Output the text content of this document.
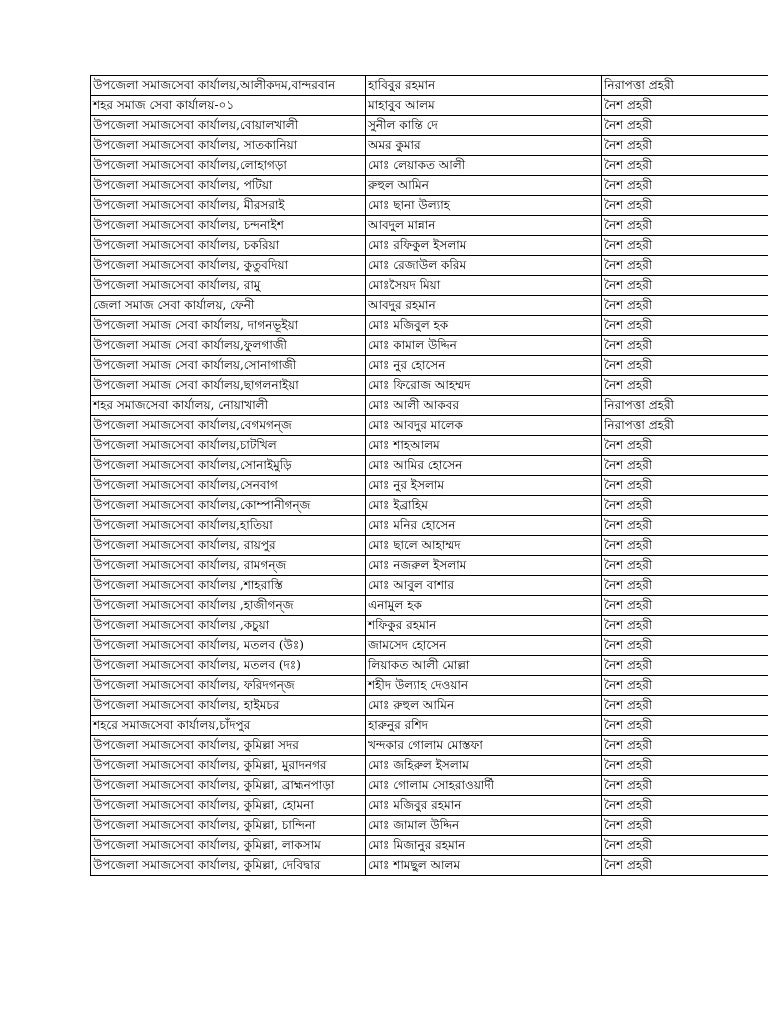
উপজেলা সমাজসেবা কার্যালয়,আলীকদম,বান্দরবান	হাবিবুর রহমান	নিরাপত্তা প্রহরী
শহর সমাজ সেবা কার্যালয়-০১	মাহাবুব আলম	নৈশ প্রহরী
উপজেলা সমাজসেবা কার্যালয়,বোয়ালখালী	সুনীল কান্তি দে	নৈশ প্রহরী
উপজেলা সমাজসেবা কার্যালয়, সাতকানিয়া	অমর কুমার	নৈশ প্রহরী
উপজেলা সমাজসেবা কার্যালয়,লোহাগড়া	মোঃ লেয়াকত আলী	নৈশ প্রহরী
উপজেলা সমাজসেবা কার্যালয়, পটিয়া	রুহুল আমিন	নৈশ প্রহরী
উপজেলা সমাজসেবা কার্যালয়, মীরসরাই	মোঃ ছানা উল্যাহ	নৈশ প্রহরী
উপজেলা সমাজসেবা কার্যালয়, চন্দনাইশ	আবদুল মান্নান	নৈশ প্রহরী
উপজেলা সমাজসেবা কার্যালয়, চকরিয়া	মোঃ রফিকুল ইসলাম	নৈশ প্রহরী
উপজেলা সমাজসেবা কার্যালয়, কুতুবদিয়া	মোঃ রেজাউল করিম	নৈশ প্রহরী
উপজেলা সমাজসেবা কার্যালয়, রামু	মোঃসৈয়দ মিয়া	নৈশ প্রহরী
জেলা সমাজ সেবা কার্যালয়, ফেনী	আবদুর রহমান	নৈশ প্রহরী
উপজেলা সমাজ সেবা কার্যালয়, দাগনভূইয়া	মোঃ মজিবুল হক	নৈশ প্রহরী
উপজেলা সমাজ সেবা কার্যালয়,ফুলগাজী	মোঃ কামাল উদ্দিন	নৈশ প্রহরী
উপজেলা সমাজ সেবা কার্যালয়,সোনাগাজী	মোঃ নুর হোসেন	নৈশ প্রহরী
উপজেলা সমাজ সেবা কার্যালয়,ছাগলনাইয়া	মোঃ ফিরোজ আহম্মদ	নৈশ প্রহরী
শহর সমাজসেবা কার্যালয়, নোয়াখালী	মোঃ আলী আকবর	নিরাপত্তা প্রহরী
উপজেলা সমাজসেবা কার্যালয়,বেগমগন্জ	মোঃ আবদুর মালেক	নিরাপত্তা প্রহরী
উপজেলা সমাজসেবা কার্যালয়,চাটখিল	মোঃ শাহআলম	নৈশ প্রহরী
উপজেলা সমাজসেবা কার্যালয়,সোনাইমুড়ি	মোঃ আমির হোসেন	নৈশ প্রহরী
উপজেলা সমাজসেবা কার্যালয়,সেনবাগ	মোঃ নুর ইসলাম	নৈশ প্রহরী
উপজেলা সমাজসেবা কার্যালয়,কোম্পানীগন্জ	মোঃ ইব্রাহিম	নৈশ প্রহরী
উপজেলা সমাজসেবা কার্যালয়,হাতিয়া	মোঃ মনির হোসেন	নৈশ প্রহরী
উপজেলা সমাজসেবা কার্যালয়, রায়পুর	মোঃ ছালে আহাম্মদ	নৈশ প্রহরী
উপজেলা সমাজসেবা কার্যালয়, রামগন্জ	মোঃ নজরুল ইসলাম	নৈশ প্রহরী
উপজেলা সমাজসেবা কার্যালয় ,শাহরাস্তি	মোঃ আবুল বাশার	নৈশ প্রহরী
উপজেলা সমাজসেবা কার্যালয় ,হাজীগন্জ	এনামুল হক	নৈশ প্রহরী
উপজেলা সমাজসেবা কার্যালয় ,কচুয়া	শফিকুর রহমান	নৈশ প্রহরী
উপজেলা সমাজসেবা কার্যালয়, মতলব (উঃ)	জামসেদ হোসেন	নৈশ প্রহরী
উপজেলা সমাজসেবা কার্যালয়, মতলব (দঃ)	লিয়াকত আলী মোল্লা	নৈশ প্রহরী
উপজেলা সমাজসেবা কার্যালয়, ফরিদগন্জ	শহীদ উল্যাহ দেওয়ান	নৈশ প্রহরী
উপজেলা সমাজসেবা কার্যালয়, হাইমচর	মোঃ রুহুল আমিন	নৈশ প্রহরী
শহরে সমাজসেবা কার্যালয়,চাঁদপুর	হারুনুর রশিদ	নৈশ প্রহরী
উপজেলা সমাজসেবা কার্যালয়, কুমিল্লা সদর	খন্দকার গোলাম মোস্তফা	নৈশ প্রহরী
উপজেলা সমাজসেবা কার্যালয়, কুমিল্লা, মুরাদনগর	মোঃ জহিরুল ইসলাম	নৈশ প্রহরী
উপজেলা সমাজসেবা কার্যালয়, কুমিল্লা, ব্রাহ্মনপাড়া	মোঃ গোলাম সোহরাওয়ার্দী	নৈশ প্রহরী
উপজেলা সমাজসেবা কার্যালয়, কুমিল্লা, হোমনা	মোঃ মজিবুর রহমান	নৈশ প্রহরী
উপজেলা সমাজসেবা কার্যালয়, কুমিল্লা, চান্দিনা	মোঃ জামাল উদ্দিন	নৈশ প্রহরী
উপজেলা সমাজসেবা কার্যালয়, কুমিল্লা, লাকসাম	মোঃ মিজানুর রহমান	নৈশ প্রহরী
উপজেলা সমাজসেবা কার্যালয়, কুমিল্লা, দেবিদ্বার	মোঃ শামছুল আলম	নৈশ প্রহরী
